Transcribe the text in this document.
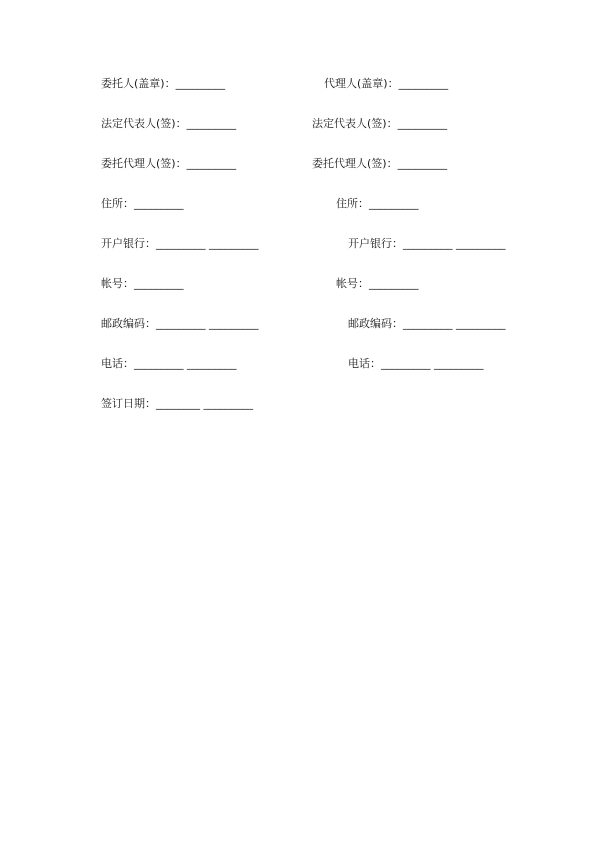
委托人(盖章)：_________	代理人(盖章)：_________
法定代表人(签)：_________	法定代表人(签)：_________
委托代理人(签)：_________	委托代理人(签)：_________
住所：_________	住所：_________
开户银行：_________ _________	开户银行：_________ _________
帐号：_________	帐号：_________
邮政编码：_________ _________	邮政编码：_________ _________
电话：_________ _________	电话：_________ _________
签订日期：________ _________
